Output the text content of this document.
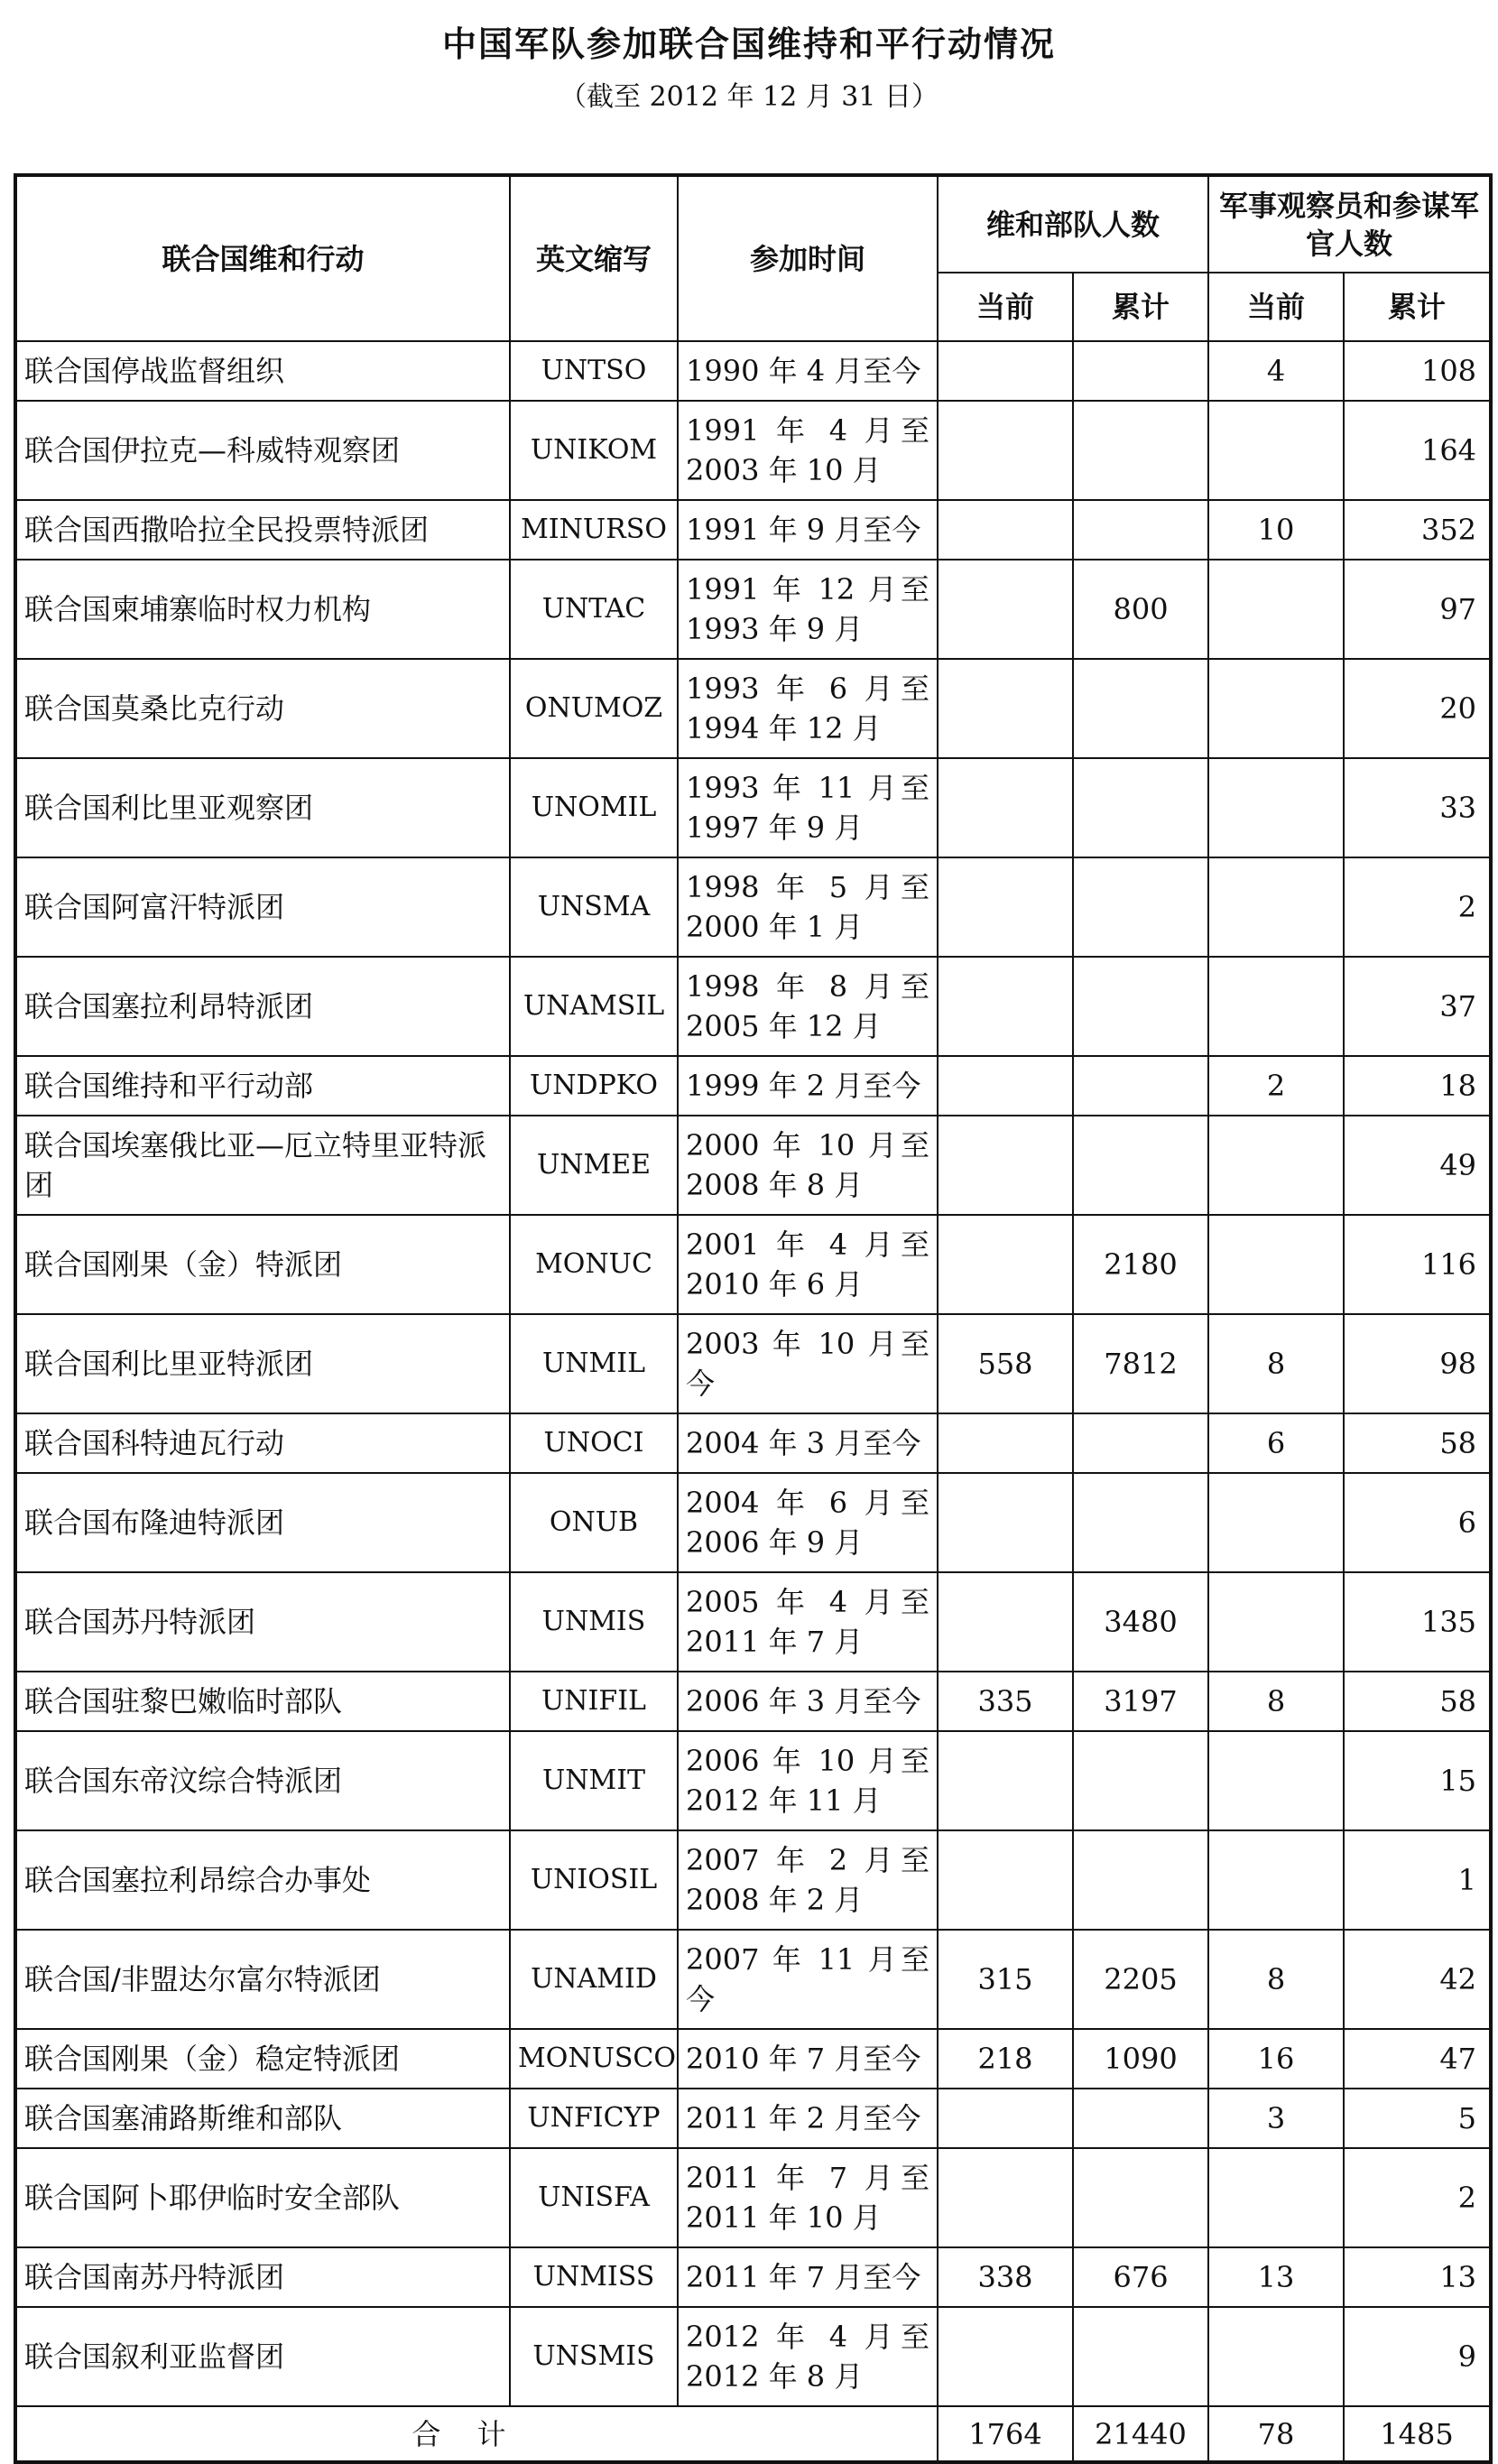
中国军队参加联合国维持和平行动情况
（截至 2012 年 12 月 31 日）
联合国维和行动	英文缩写	参加时间	维和部队人数		军事观察员和参谋军官人数	
			当前	累计	当前	累计
联合国停战监督组织	UNTSO	1990 年 4 月至今			4	108
联合国伊拉克—科威特观察团	UNIKOM	1991 年 4 月至 2003 年 10 月				164
联合国西撒哈拉全民投票特派团	MINURSO	1991 年 9 月至今			10	352
联合国柬埔寨临时权力机构	UNTAC	1991 年 12 月至 1993 年 9 月		800		97
联合国莫桑比克行动	ONUMOZ	1993 年 6 月至 1994 年 12 月				20
联合国利比里亚观察团	UNOMIL	1993 年 11 月至 1997 年 9 月				33
联合国阿富汗特派团	UNSMA	1998 年 5 月至 2000 年 1 月				2
联合国塞拉利昂特派团	UNAMSIL	1998 年 8 月至 2005 年 12 月				37
联合国维持和平行动部	UNDPKO	1999 年 2 月至今			2	18
联合国埃塞俄比亚—厄立特里亚特派团	UNMEE	2000 年 10 月至 2008 年 8 月				49
联合国刚果（金）特派团	MONUC	2001 年 4 月至 2010 年 6 月		2180		116
联合国利比里亚特派团	UNMIL	2003 年 10 月至今	558	7812	8	98
联合国科特迪瓦行动	UNOCI	2004 年 3 月至今			6	58
联合国布隆迪特派团	ONUB	2004 年 6 月至 2006 年 9 月				6
联合国苏丹特派团	UNMIS	2005 年 4 月至 2011 年 7 月		3480		135
联合国驻黎巴嫩临时部队	UNIFIL	2006 年 3 月至今	335	3197	8	58
联合国东帝汶综合特派团	UNMIT	2006 年 10 月至 2012 年 11 月				15
联合国塞拉利昂综合办事处	UNIOSIL	2007 年 2 月至 2008 年 2 月				1
联合国/非盟达尔富尔特派团	UNAMID	2007 年 11 月至今	315	2205	8	42
联合国刚果（金）稳定特派团	MONUSCO	2010 年 7 月至今	218	1090	16	47
联合国塞浦路斯维和部队	UNFICYP	2011 年 2 月至今			3	5
联合国阿卜耶伊临时安全部队	UNISFA	2011 年 7 月至 2011 年 10 月				2
联合国南苏丹特派团	UNMISS	2011 年 7 月至今	338	676	13	13
联合国叙利亚监督团	UNSMIS	2012 年 4 月至 2012 年 8 月				9
合计			1764	21440	78	1485
